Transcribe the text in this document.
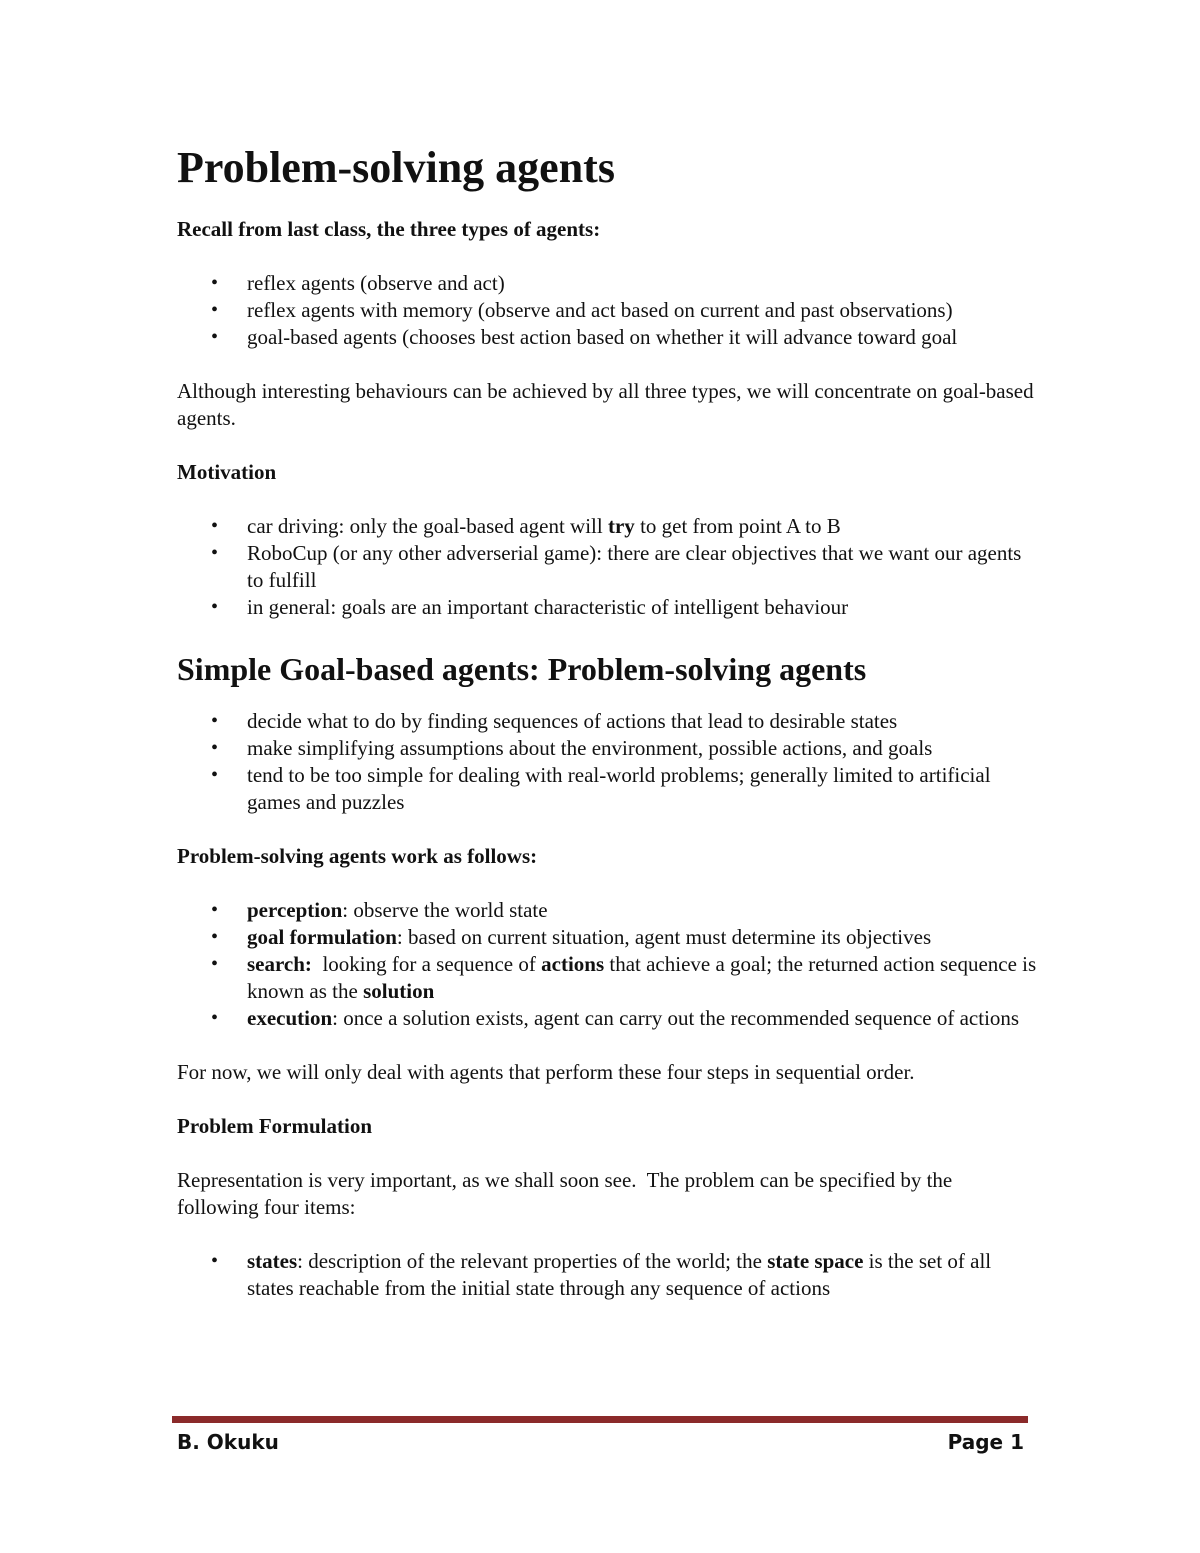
Problem-solving agents

Recall from last class, the three types of agents:

• reflex agents (observe and act)
• reflex agents with memory (observe and act based on current and past observations)
• goal-based agents (chooses best action based on whether it will advance toward goal

Although interesting behaviours can be achieved by all three types, we will concentrate on goal-based agents.

Motivation

• car driving: only the goal-based agent will try to get from point A to B
• RoboCup (or any other adverserial game): there are clear objectives that we want our agents to fulfill
• in general: goals are an important characteristic of intelligent behaviour
Simple Goal-based agents: Problem-solving agents
• decide what to do by finding sequences of actions that lead to desirable states
• make simplifying assumptions about the environment, possible actions, and goals
• tend to be too simple for dealing with real-world problems; generally limited to artificial games and puzzles

Problem-solving agents work as follows:

• perception: observe the world state
• goal formulation: based on current situation, agent must determine its objectives
• search:  looking for a sequence of actions that achieve a goal; the returned action sequence is known as the solution
• execution: once a solution exists, agent can carry out the recommended sequence of actions

For now, we will only deal with agents that perform these four steps in sequential order.

Problem Formulation

Representation is very important, as we shall soon see.  The problem can be specified by the following four items:

• states: description of the relevant properties of the world; the state space is the set of all states reachable from the initial state through any sequence of actions
B. Okuku	Page 1
